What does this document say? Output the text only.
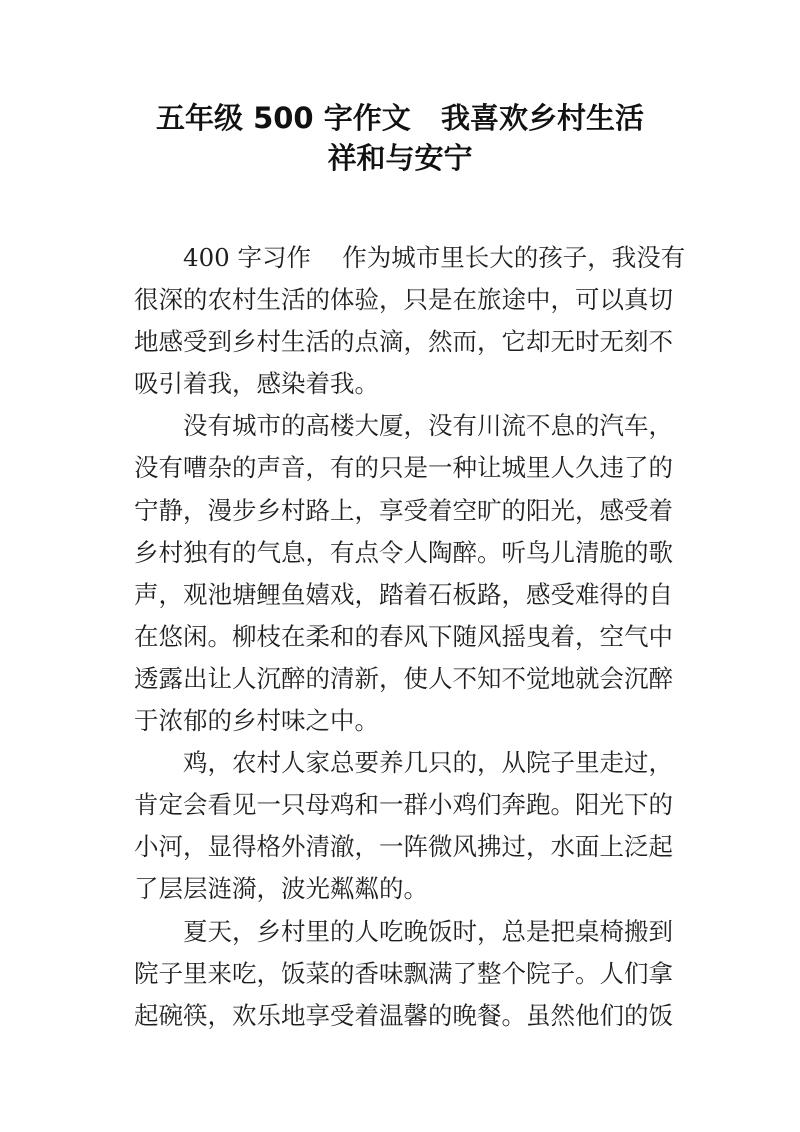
五年级 500 字作文   我喜欢乡村生活
祥和与安宁
400 字习作    作为城市里长大的孩子，我没有
很深的农村生活的体验，只是在旅途中，可以真切
地感受到乡村生活的点滴，然而，它却无时无刻不
吸引着我，感染着我。
没有城市的高楼大厦，没有川流不息的汽车，
没有嘈杂的声音，有的只是一种让城里人久违了的
宁静，漫步乡村路上，享受着空旷的阳光，感受着
乡村独有的气息，有点令人陶醉。听鸟儿清脆的歌
声，观池塘鲤鱼嬉戏，踏着石板路，感受难得的自
在悠闲。柳枝在柔和的春风下随风摇曳着，空气中
透露出让人沉醉的清新，使人不知不觉地就会沉醉
于浓郁的乡村味之中。
鸡，农村人家总要养几只的，从院子里走过，
肯定会看见一只母鸡和一群小鸡们奔跑。阳光下的
小河，显得格外清澈，一阵微风拂过，水面上泛起
了层层涟漪，波光粼粼的。
夏天，乡村里的人吃晚饭时，总是把桌椅搬到
院子里来吃，饭菜的香味飘满了整个院子。人们拿
起碗筷，欢乐地享受着温馨的晚餐。虽然他们的饭
